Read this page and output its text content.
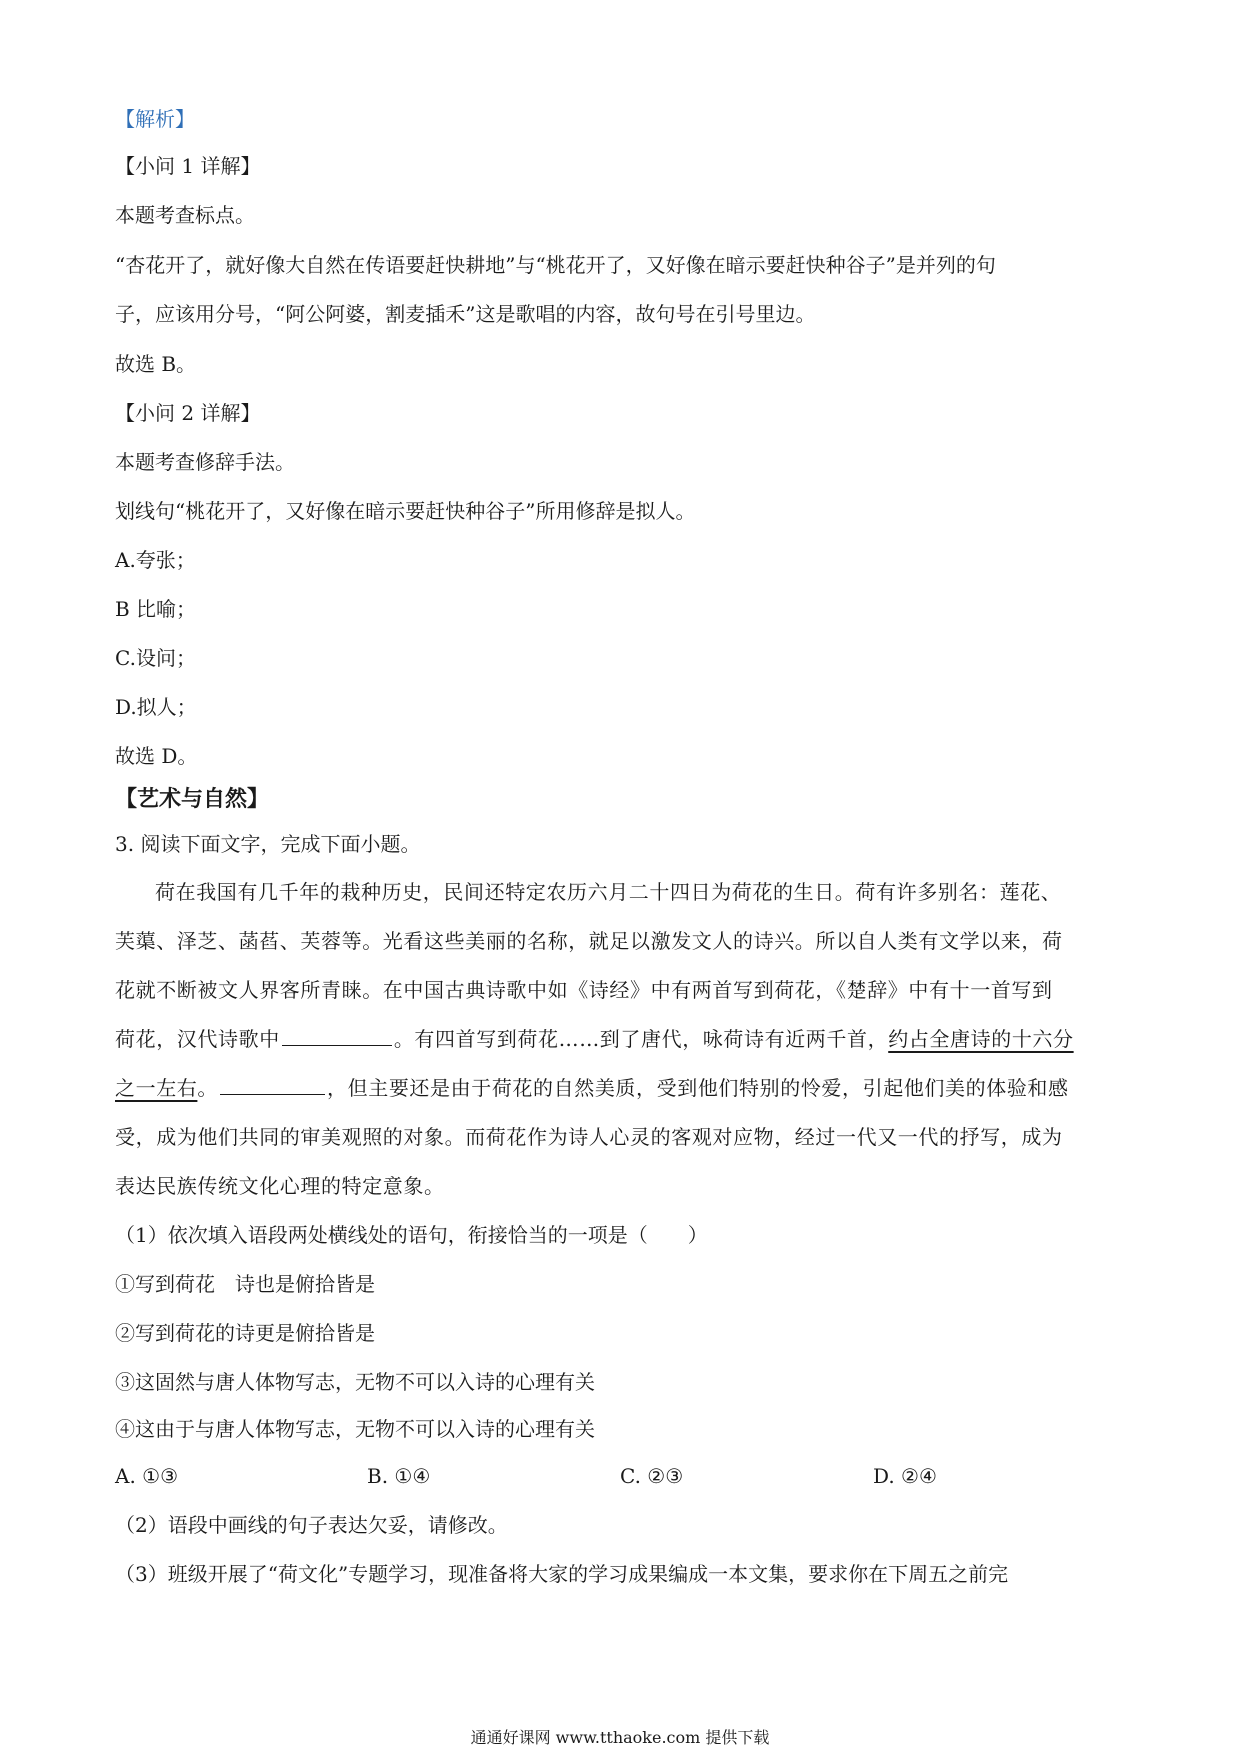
【解析】
【小问 1 详解】
本题考查标点。
“杏花开了，就好像大自然在传语要赶快耕地”与“桃花开了，又好像在暗示要赶快种谷子”是并列的句
子，应该用分号，“阿公阿婆，割麦插禾”这是歌唱的内容，故句号在引号里边。
故选 B。
【小问 2 详解】
本题考查修辞手法。
划线句“桃花开了，又好像在暗示要赶快种谷子”所用修辞是拟人。
A.夸张；
B 比喻；
C.设问；
D.拟人；
故选 D。
【艺术与自然】
3. 阅读下面文字，完成下面小题。
荷在我国有几千年的栽种历史，民间还特定农历六月二十四日为荷花的生日。荷有许多别名：莲花、
芙蕖、泽芝、菡萏、芙蓉等。光看这些美丽的名称，就足以激发文人的诗兴。所以自人类有文学以来，荷
花就不断被文人界客所青睐。在中国古典诗歌中如《诗经》中有两首写到荷花，《楚辞》中有十一首写到
荷花，汉代诗歌中	。有四首写到荷花……到了唐代，咏荷诗有近两千首，约占全唐诗的十六分
之一左右。	，但主要还是由于荷花的自然美质，受到他们特别的怜爱，引起他们美的体验和感
受，成为他们共同的审美观照的对象。而荷花作为诗人心灵的客观对应物，经过一代又一代的抒写，成为
表达民族传统文化心理的特定意象。
（1）依次填入语段两处横线处的语句，衔接恰当的一项是（　　）
①写到荷花　诗也是俯拾皆是
②写到荷花的诗更是俯拾皆是
③这固然与唐人体物写志，无物不可以入诗的心理有关
④这由于与唐人体物写志，无物不可以入诗的心理有关
A. ①③	B. ①④	C. ②③	D. ②④
（2）语段中画线的句子表达欠妥，请修改。
（3）班级开展了“荷文化”专题学习，现准备将大家的学习成果编成一本文集，要求你在下周五之前完
通通好课网 www.tthaoke.com 提供下载
